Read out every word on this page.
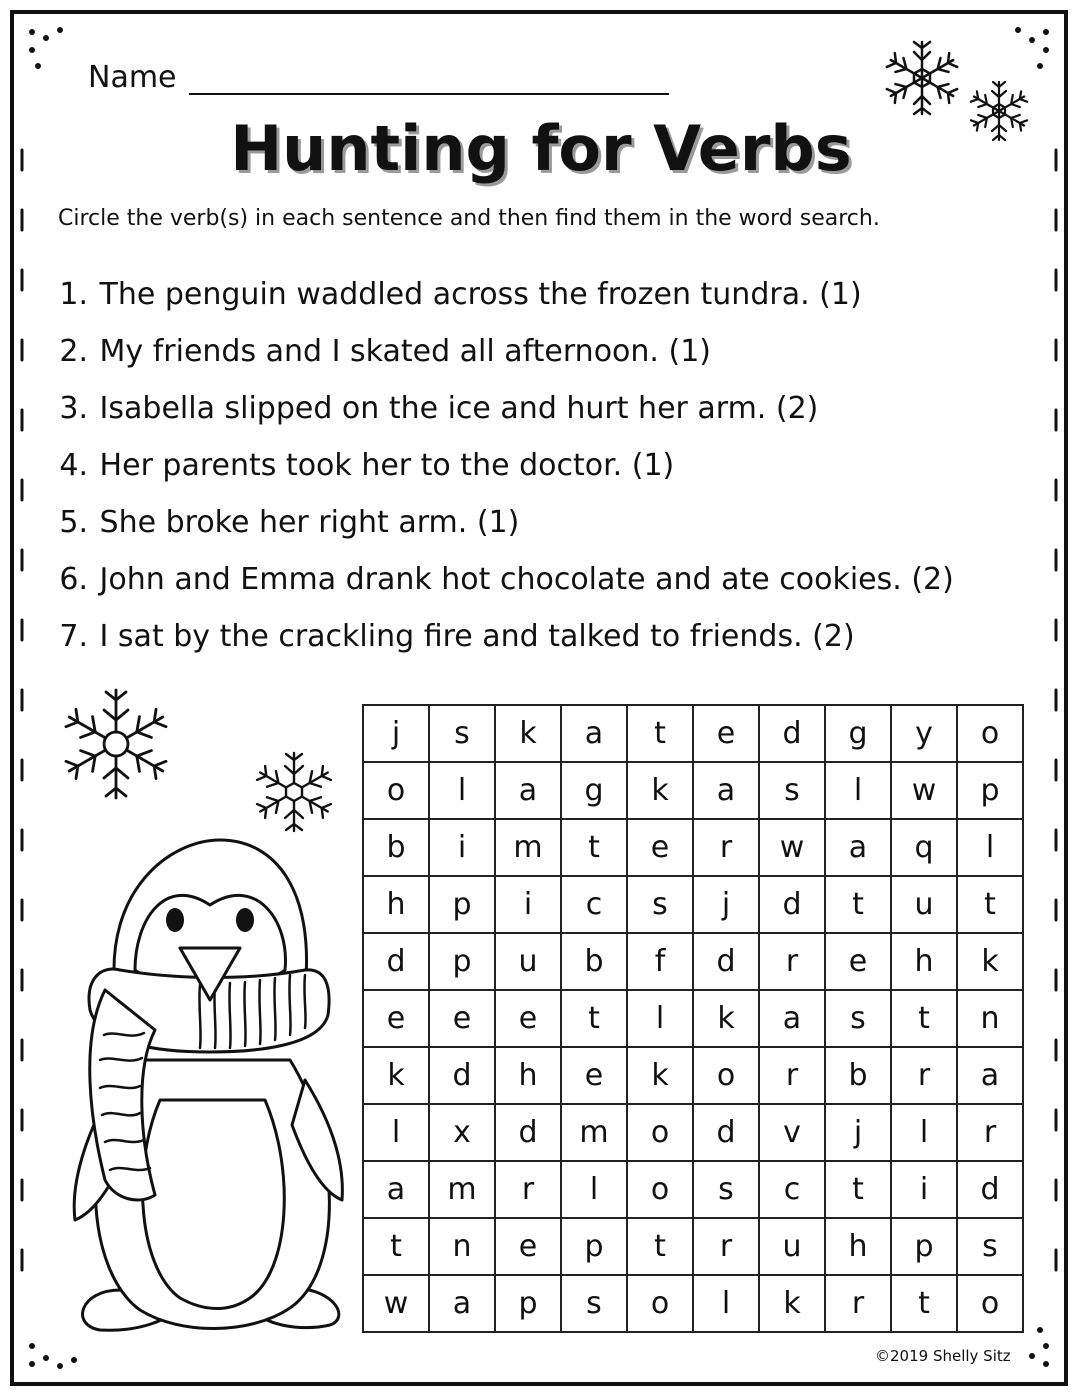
Name
Hunting for Verbs
Circle the verb(s) in each sentence and then find them in the word search.
1.
The penguin waddled across the frozen tundra. (1)
2.
My friends and I skated all afternoon. (1)
3.
Isabella slipped on the ice and hurt her arm. (2)
4.
Her parents took her to the doctor. (1)
5.
She broke her right arm. (1)
6.
John and Emma drank hot chocolate and ate cookies. (2)
7.
I sat by the crackling fire and talked to friends. (2)
j	s	k	a	t	e	d	g	y	o
o	l	a	g	k	a	s	l	w	p
b	i	m	t	e	r	w	a	q	l
h	p	i	c	s	j	d	t	u	t
d	p	u	b	f	d	r	e	h	k
e	e	e	t	l	k	a	s	t	n
k	d	h	e	k	o	r	b	r	a
l	x	d	m	o	d	v	j	l	r
a	m	r	l	o	s	c	t	i	d
t	n	e	p	t	r	u	h	p	s
w	a	p	s	o	l	k	r	t	o
©2019 Shelly Sitz
